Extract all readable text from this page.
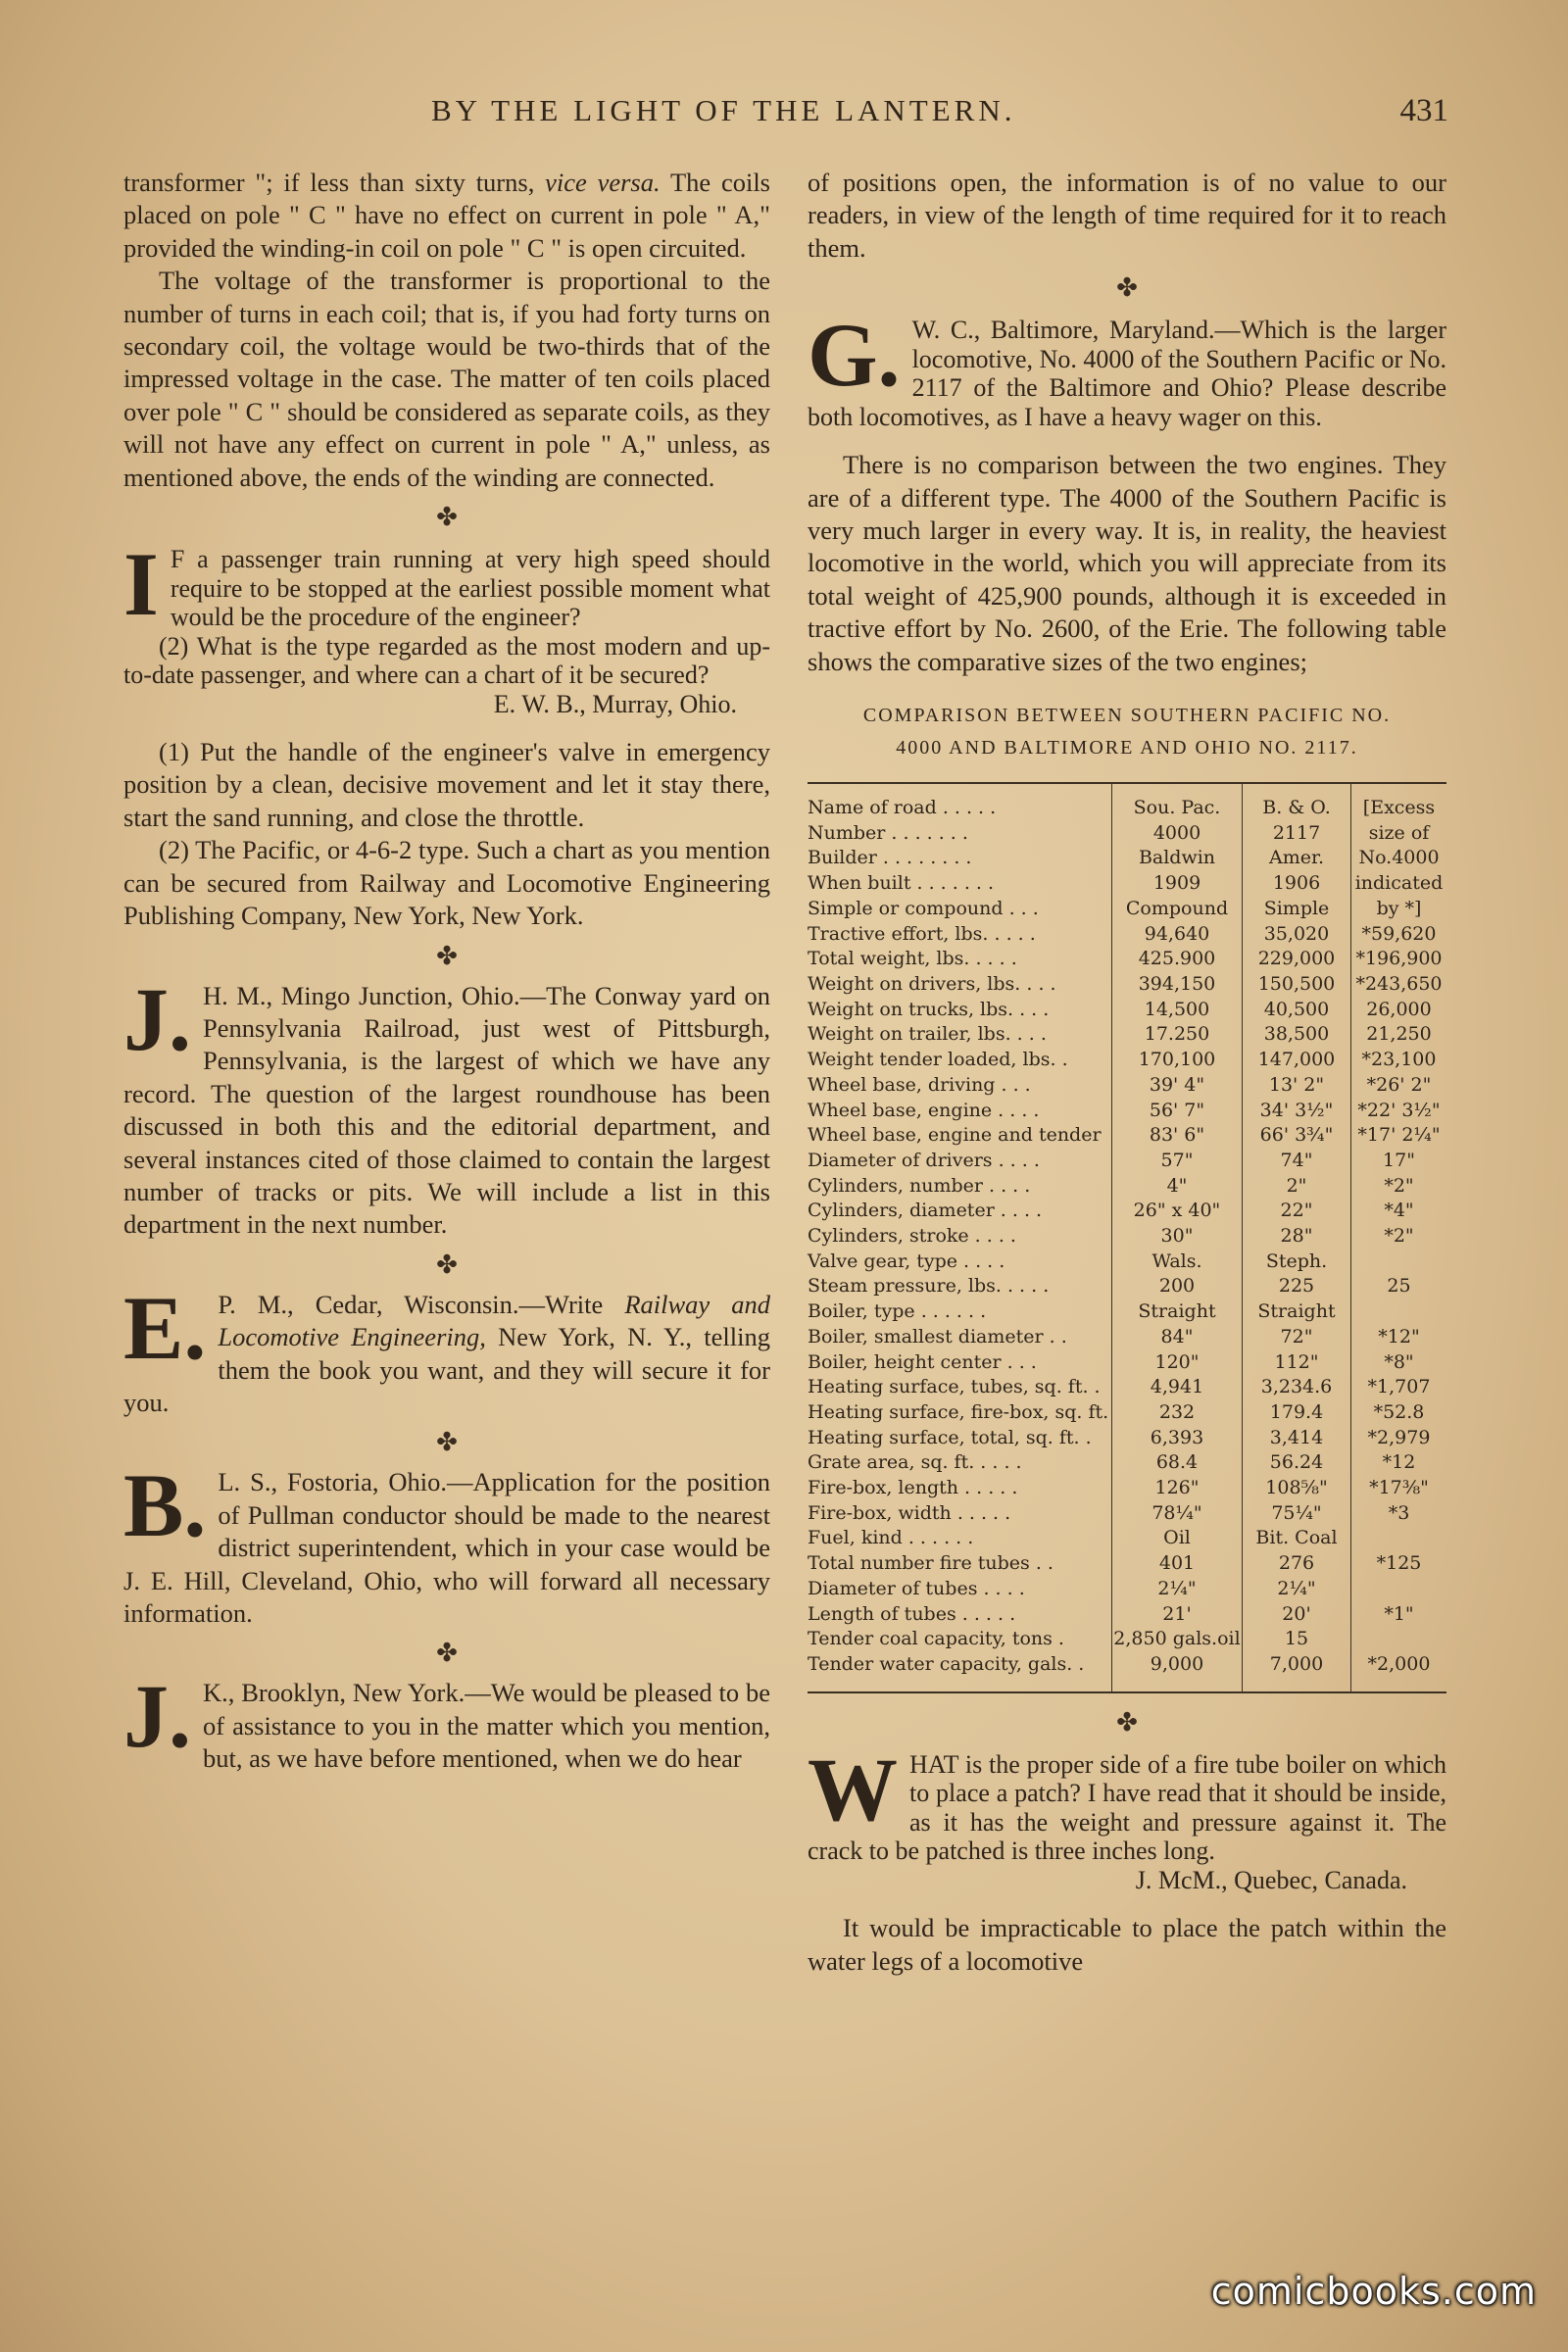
BY THE LIGHT OF THE LANTERN.	431

transformer "; if less than sixty turns, vice versa. The coils placed on pole " C " have no effect on current in pole " A," provided the winding-in coil on pole " C " is open circuited.

The voltage of the transformer is proportional to the number of turns in each coil; that is, if you had forty turns on secondary coil, the voltage would be two-thirds that of the impressed voltage in the case. The matter of ten coils placed over pole " C " should be considered as separate coils, as they will not have any effect on current in pole " A," unless, as mentioned above, the ends of the winding are connected.

✤
I F a passenger train running at very high speed should require to be stopped at the earliest possible moment what would be the procedure of the engineer?

(2) What is the type regarded as the most modern and up-to-date passenger, and where can a chart of it be secured?

E. W. B., Murray, Ohio.

(1) Put the handle of the engineer's valve in emergency position by a clean, decisive movement and let it stay there, start the sand running, and close the throttle.

(2) The Pacific, or 4-6-2 type. Such a chart as you mention can be secured from Railway and Locomotive Engineering Publishing Company, New York, New York.

✤
J. H. M., Mingo Junction, Ohio.—The Conway yard on Pennsylvania Railroad, just west of Pittsburgh, Pennsylvania, is the largest of which we have any record. The question of the largest roundhouse has been discussed in both this and the editorial department, and several instances cited of those claimed to contain the largest number of tracks or pits. We will include a list in this department in the next number.

✤
E. P. M., Cedar, Wisconsin.—Write Railway and Locomotive Engineering, New York, N. Y., telling them the book you want, and they will secure it for you.

✤
B. L. S., Fostoria, Ohio.—Application for the position of Pullman conductor should be made to the nearest district superintendent, which in your case would be J. E. Hill, Cleveland, Ohio, who will forward all necessary information.

✤
J. K., Brooklyn, New York.—We would be pleased to be of assistance to you in the matter which you mention, but, as we have before mentioned, when we do hear

of positions open, the information is of no value to our readers, in view of the length of time required for it to reach them.

✤
G. W. C., Baltimore, Maryland.—Which is the larger locomotive, No. 4000 of the Southern Pacific or No. 2117 of the Baltimore and Ohio? Please describe both locomotives, as I have a heavy wager on this.

There is no comparison between the two engines. They are of a different type. The 4000 of the Southern Pacific is very much larger in every way. It is, in reality, the heaviest locomotive in the world, which you will appreciate from its total weight of 425,900 pounds, although it is exceeded in tractive effort by No. 2600, of the Erie. The following table shows the comparative sizes of the two engines;

COMPARISON BETWEEN SOUTHERN PACIFIC NO.
4000 AND BALTIMORE AND OHIO NO. 2117.
Name of road . . . . .	Sou. Pac.	B. & O.	[Excess
Number . . . . . . .	4000	2117	size of
Builder . . . . . . . .	Baldwin	Amer.	No.4000
When built . . . . . . .	1909	1906	indicated
Simple or compound . . .	Compound	Simple	by *]
Tractive effort, lbs. . . . .	94,640	35,020	*59,620
Total weight, lbs. . . . .	425.900	229,000	*196,900
Weight on drivers, lbs. . . .	394,150	150,500	*243,650
Weight on trucks, lbs. . . .	14,500	40,500	26,000
Weight on trailer, lbs. . . .	17.250	38,500	21,250
Weight tender loaded, lbs. .	170,100	147,000	*23,100
Wheel base, driving . . .	39' 4"	13' 2"	*26' 2"
Wheel base, engine . . . .	56' 7"	34' 3½"	*22' 3½"
Wheel base, engine and tender	83' 6"	66' 3¾"	*17' 2¼"
Diameter of drivers . . . .	57"	74"	17"
Cylinders, number . . . .	4"	2"	*2"
Cylinders, diameter . . . .	26" x 40"	22"	*4"
Cylinders, stroke . . . .	30"	28"	*2"
Valve gear, type . . . .	Wals.	Steph.	
Steam pressure, lbs. . . . .	200	225	25
Boiler, type . . . . . .	Straight	Straight	
Boiler, smallest diameter . .	84"	72"	*12"
Boiler, height center . . .	120"	112"	*8"
Heating surface, tubes, sq. ft. .	4,941	3,234.6	*1,707
Heating surface, fire-box, sq. ft.	232	179.4	*52.8
Heating surface, total, sq. ft. .	6,393	3,414	*2,979
Grate area, sq. ft. . . . .	68.4	56.24	*12
Fire-box, length . . . . .	126"	108⅝"	*17⅜"
Fire-box, width . . . . .	78¼"	75¼"	*3
Fuel, kind . . . . . .	Oil	Bit. Coal	
Total number fire tubes . .	401	276	*125
Diameter of tubes . . . .	2¼"	2¼"	
Length of tubes . . . . .	21'	20'	*1"
Tender coal capacity, tons .	2,850 gals.oil	15	
Tender water capacity, gals. .	9,000	7,000	*2,000
✤
W HAT is the proper side of a fire tube boiler on which to place a patch? I have read that it should be inside, as it has the weight and pressure against it. The crack to be patched is three inches long.

J. McM., Quebec, Canada.

It would be impracticable to place the patch within the water legs of a locomotive

comicbooks.com
